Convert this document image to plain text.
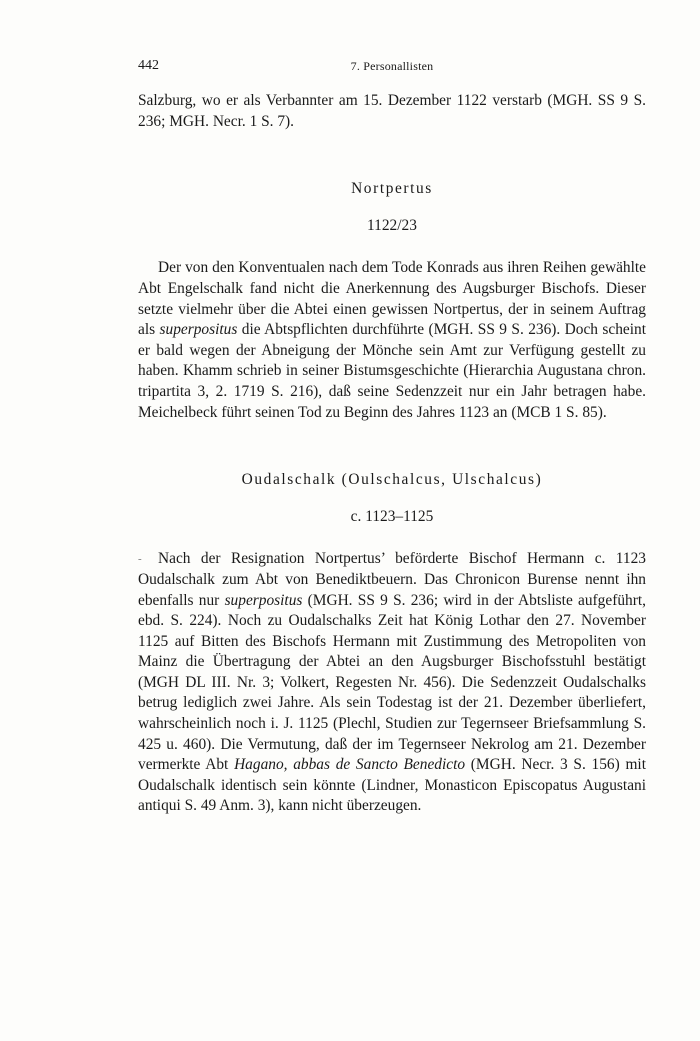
442	7. Personallisten

Salzburg, wo er als Verbannter am 15. Dezember 1122 verstarb (MGH. SS 9 S. 236; MGH. Necr. 1 S. 7).

Nortpertus

1122/23

Der von den Konventualen nach dem Tode Konrads aus ihren Reihen gewählte Abt Engelschalk fand nicht die Anerkennung des Augsburger Bischofs. Dieser setzte vielmehr über die Abtei einen gewissen Nortpertus, der in seinem Auftrag als superpositus die Abtspflichten durchführte (MGH. SS 9 S. 236). Doch scheint er bald wegen der Abneigung der Mönche sein Amt zur Verfügung gestellt zu haben. Khamm schrieb in seiner Bistumsgeschichte (Hierarchia Augustana chron. tripartita 3, 2. 1719 S. 216), daß seine Sedenzzeit nur ein Jahr betragen habe. Meichelbeck führt seinen Tod zu Beginn des Jahres 1123 an (MCB 1 S. 85).

Oudalschalk (Oulschalcus, Ulschalcus)

c. 1123–1125

- Nach der Resignation Nortpertus’ beförderte Bischof Hermann c. 1123 Oudalschalk zum Abt von Benediktbeuern. Das Chronicon Burense nennt ihn ebenfalls nur superpositus (MGH. SS 9 S. 236; wird in der Abtsliste aufgeführt, ebd. S. 224). Noch zu Oudalschalks Zeit hat König Lothar den 27. November 1125 auf Bitten des Bischofs Hermann mit Zustimmung des Metropoliten von Mainz die Übertragung der Abtei an den Augsburger Bischofsstuhl bestätigt (MGH DL III. Nr. 3; Volkert, Regesten Nr. 456). Die Sedenzzeit Oudalschalks betrug lediglich zwei Jahre. Als sein Todestag ist der 21. Dezember überliefert, wahrscheinlich noch i. J. 1125 (Plechl, Studien zur Tegernseer Briefsammlung S. 425 u. 460). Die Vermutung, daß der im Tegernseer Nekrolog am 21. Dezember vermerkte Abt Hagano, abbas de Sancto Benedicto (MGH. Necr. 3 S. 156) mit Oudalschalk identisch sein könnte (Lindner, Monasticon Episcopatus Augustani antiqui S. 49 Anm. 3), kann nicht überzeugen.
